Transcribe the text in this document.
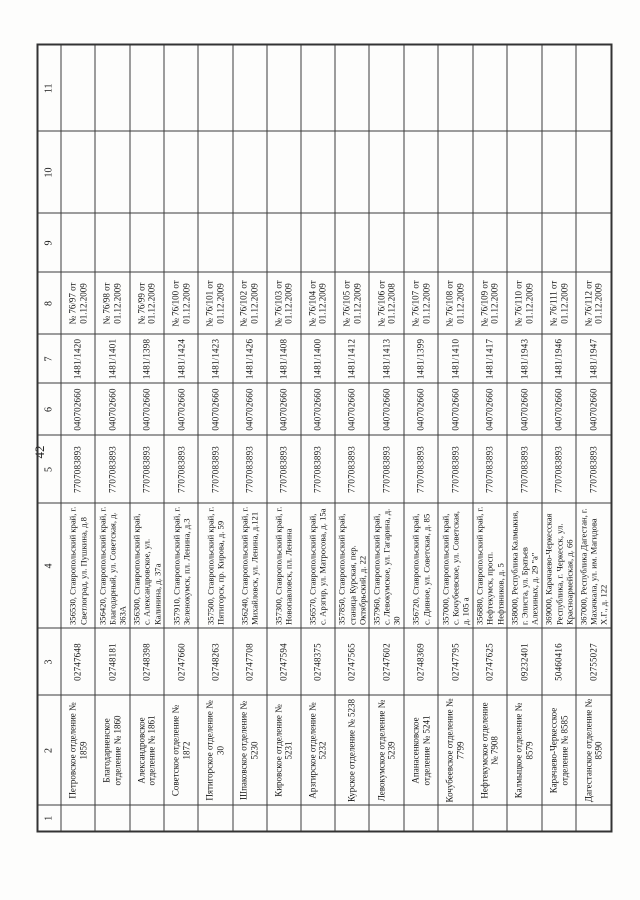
42
1	2	3	4	5	6	7	8	9	10	11
	Петровское отделение № 1859	02747648	356530, Ставропольский край, г. Светлоград, ул. Пушкина, д.8	7707083893	040702660	1481/1420	№ 76/97 от 01.12.2009			
	Благодарненское отделение № 1860	02748181	356420, Ставропольский край, г. Благодарный, ул. Советская, д. 363А	7707083893	040702660	1481/1401	№ 76/98 от 01.12.2009			
	Александровское отделение № 1861	02748398	356300, Ставропольский край, с. Александровское, ул. Калинина, д. 37а	7707083893	040702660	1481/1398	№ 76/99 от 01.12.2009			
	Советское отделение № 1872	02747660	357910, Ставропольский край, г. Зеленокумск, пл. Ленина, д.3	7707083893	040702660	1481/1424	№ 76/100 от 01.12.2009			
	Пятигорское отделение № 30	02748263	357500, Ставропольский край, г. Пятигорск, пр. Кирова, д. 59	7707083893	040702660	1481/1423	№ 76/101 от 01.12.2009			
	Шпаковское отделение № 5230	02747708	356240, Ставропольский край, г. Михайловск, ул. Ленина, д.121	7707083893	040702660	1481/1426	№ 76/102 от 01.12.2009			
	Кировское отделение № 5231	02747594	357300, Ставропольский край, г. Новопавловск, пл. Ленина	7707083893	040702660	1481/1408	№ 76/103 от 01.12.2009			
	Арзгирское отделение № 5232	02748375	356570, Ставропольский край, с. Арзгир, ул. Матросова, д. 15а	7707083893	040702660	1481/1400	№ 76/104 от 01.12.2009			
	Курское отделение № 5238	02747565	357850, Ставропольский край, станица Курская, пер. Октябрьский, д. 22	7707083893	040702660	1481/1412	№ 76/105 от 01.12.2009			
	Левокумское отделение № 5239	02747602	357960, Ставропольский край, с. Левокумское, ул. Гагарина, д. 30	7707083893	040702660	1481/1413	№ 76/106 от 01.12.2008			
	Апанасенковское отделение № 5241	02748369	356720, Ставропольский край, с. Дивное, ул. Советская, д. 85	7707083893	040702660	1481/1399	№ 76/107 от 01.12.2009			
	Кочубеевское отделение № 7799	02747795	357000, Ставропольский край, с. Кочубеевское, ул. Советская, д. 105 а	7707083893	040702660	1481/1410	№ 76/108 от 01.12.2009			
	Нефтекумское отделение № 7908	02747625	356880, Ставропольский край, г. Нефтекумск, просп. Нефтяников, д. 5	7707083893	040702660	1481/1417	№ 76/109 от 01.12.2009			
	Калмыцкое отделение № 8579	09232401	358000, Республика Калмыкия, г. Элиста, ул. Братьев Алехиных, д. 29 "а"	7707083893	040702660	1481/1943	№ 76/110 от 01.12.2009			
	Карачаево-Черкесское отделение № 8585	50460416	369000, Карачаево-Черкесская Республика, г. Черкесск, ул. Красноармейская, д. 66	7707083893	040702660	1481/1946	№ 76/111 от 01.12.2009			
	Дагестанское отделение № 8590	02755027	367000, Республика Дагестан, г. Махачкала, ул. им. Магидова Х.Г., д. 122	7707083893	040702660	1481/1947	№ 76/112 от 01.12.2009			
